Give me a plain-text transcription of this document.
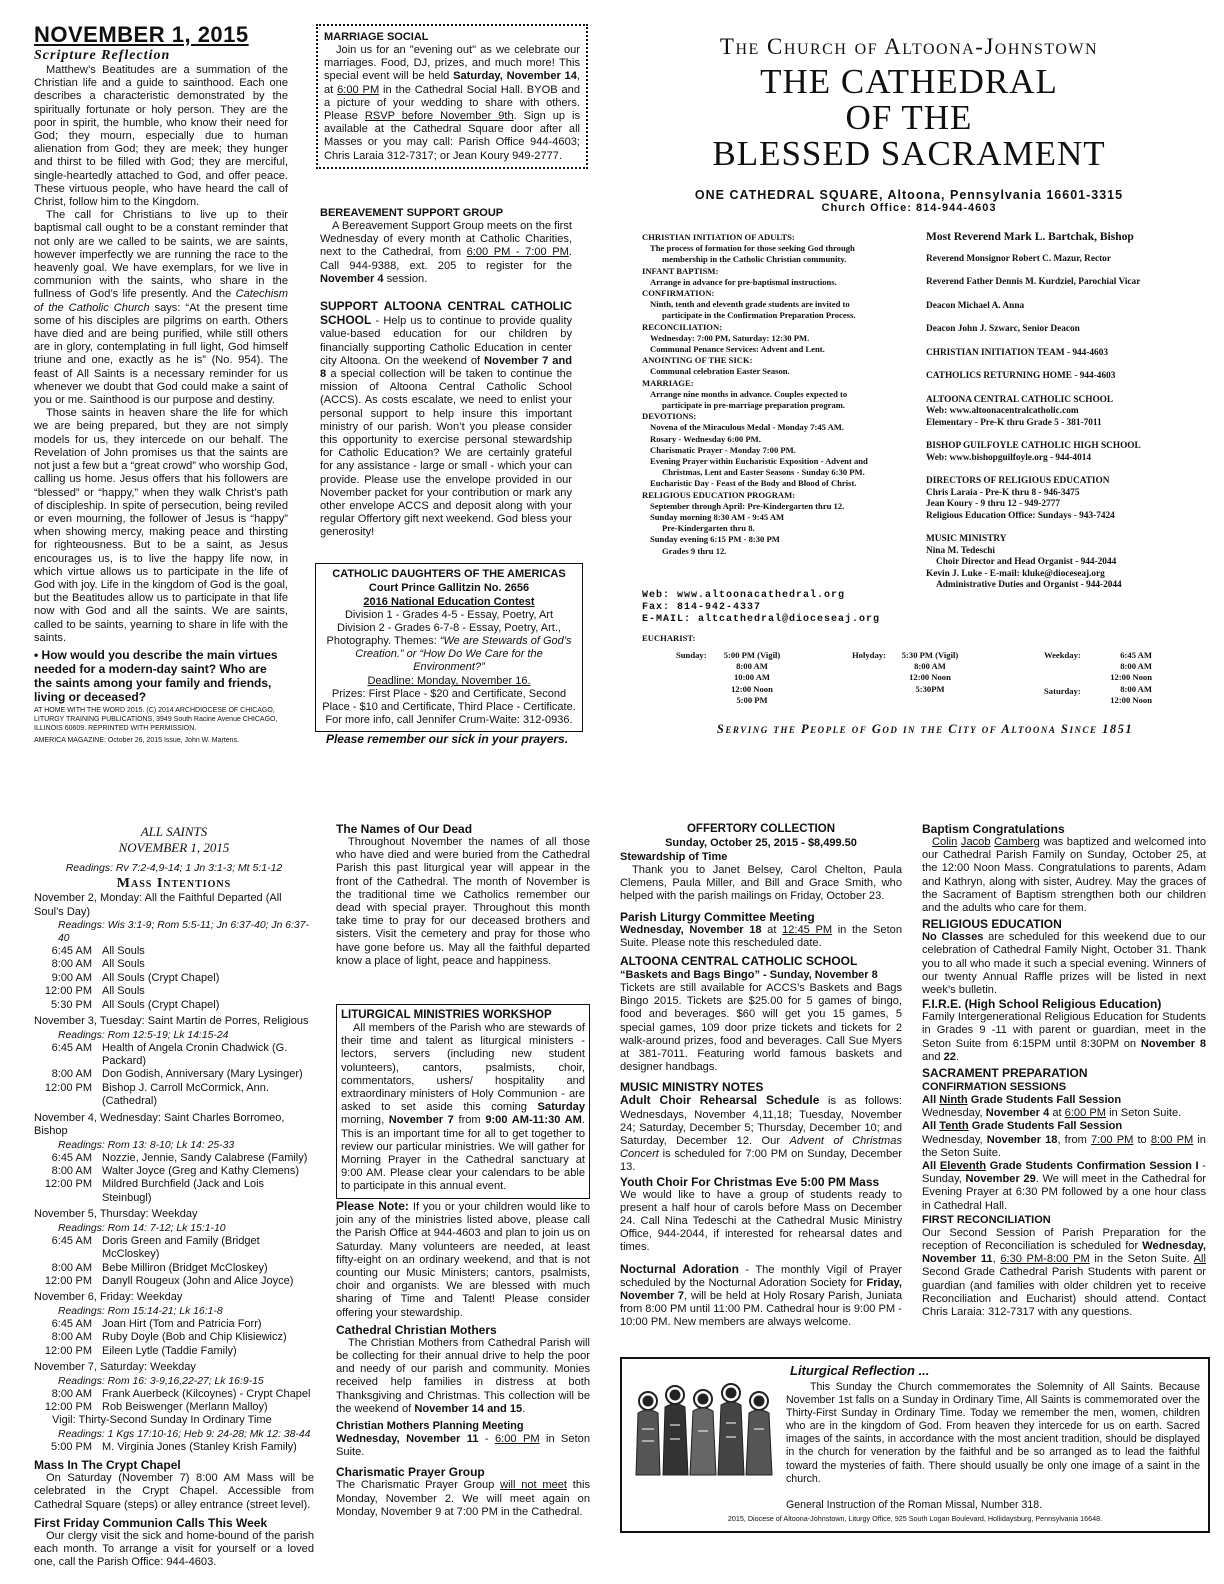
NOVEMBER 1, 2015
Scripture Reflection

Matthew’s Beatitudes are a summation of the Christian life and a guide to sainthood. Each one describes a characteristic demonstrated by the spiritually fortunate or holy person. They are the poor in spirit, the humble, who know their need for God; they mourn, especially due to human alienation from God; they are meek; they hunger and thirst to be filled with God; they are merciful, single-heartedly attached to God, and offer peace. These virtuous people, who have heard the call of Christ, follow him to the Kingdom.

The call for Christians to live up to their baptismal call ought to be a constant reminder that not only are we called to be saints, we are saints, however imperfectly we are running the race to the heavenly goal. We have exemplars, for we live in communion with the saints, who share in the fullness of God’s life presently. And the Catechism of the Catholic Church says: “At the present time some of his disciples are pilgrims on earth. Others have died and are being purified, while still others are in glory, contemplating in full light, God himself triune and one, exactly as he is” (No. 954). The feast of All Saints is a necessary reminder for us whenever we doubt that God could make a saint of you or me. Sainthood is our purpose and destiny.

Those saints in heaven share the life for which we are being prepared, but they are not simply models for us, they intercede on our behalf. The Revelation of John promises us that the saints are not just a few but a “great crowd” who worship God, calling us home. Jesus offers that his followers are “blessed” or “happy,” when they walk Christ’s path of discipleship. In spite of persecution, being reviled or even mourning, the follower of Jesus is “happy” when showing mercy, making peace and thirsting for righteousness. But to be a saint, as Jesus encourages us, is to live the happy life now, in which virtue allows us to participate in the life of God with joy. Life in the kingdom of God is the goal, but the Beatitudes allow us to participate in that life now with God and all the saints. We are saints, called to be saints, yearning to share in life with the saints.

• How would you describe the main virtues needed for a modern-day saint? Who are the saints among your family and friends, living or deceased?

AT HOME WITH THE WORD 2015. (C) 2014 ARCHDIOCESE OF CHICAGO, LITURGY TRAINING PUBLICATIONS, 3949 South Racine Avenue CHICAGO, ILLINOIS 60609. REPRINTED WITH PERMISSION.

AMERICA MAGAZINE: October 26, 2015 Issue, John W. Martens.

MARRIAGE SOCIAL

Join us for an "evening out" as we celebrate our marriages. Food, DJ, prizes, and much more! This special event will be held Saturday, November 14, at 6:00 PM in the Cathedral Social Hall. BYOB and a picture of your wedding to share with others. Please RSVP before November 9th. Sign up is available at the Cathedral Square door after all Masses or you may call: Parish Office 944-4603; Chris Laraia 312-7317; or Jean Koury 949-2777.

BEREAVEMENT SUPPORT GROUP

A Bereavement Support Group meets on the first Wednesday of every month at Catholic Charities, next to the Cathedral, from 6:00 PM - 7:00 PM. Call 944-9388, ext. 205 to register for the November 4 session.

SUPPORT ALTOONA CENTRAL CATHOLIC SCHOOL - Help us to continue to provide quality value-based education for our children by financially supporting Catholic Education in center city Altoona. On the weekend of November 7 and 8 a special collection will be taken to continue the mission of Altoona Central Catholic School (ACCS). As costs escalate, we need to enlist your personal support to help insure this important ministry of our parish. Won’t you please consider this opportunity to exercise personal stewardship for Catholic Education? We are certainly grateful for any assistance - large or small - which your can provide. Please use the envelope provided in our November packet for your contribution or mark any other envelope ACCS and deposit along with your regular Offertory gift next weekend. God bless your generosity!

CATHOLIC DAUGHTERS OF THE AMERICAS
Court Prince Gallitzin No. 2656
2016 National Education Contest
Division 1 - Grades 4-5 - Essay, Poetry, Art
Division 2 - Grades 6-7-8 - Essay, Poetry, Art., Photography. Themes: “We are Stewards of God’s Creation.” or “How Do We Care for the Environment?”
Deadline: Monday, November 16.
Prizes: First Place - $20 and Certificate, Second Place - $10 and Certificate, Third Place - Certificate. For more info, call Jennifer Crum-Waite: 312-0936.
Please remember our sick in your prayers.
The Church of Altoona-Johnstown
THE CATHEDRAL
OF THE
BLESSED SACRAMENT
ONE CATHEDRAL SQUARE, Altoona, Pennsylvania 16601-3315
Church Office: 814-944-4603
CHRISTIAN INITIATION OF ADULTS:
The process of formation for those seeking God through
membership in the Catholic Christian community.
INFANT BAPTISM:
Arrange in advance for pre-baptismal instructions.
CONFIRMATION:
Ninth, tenth and eleventh grade students are invited to
participate in the Confirmation Preparation Process.
RECONCILIATION:
Wednesday: 7:00 PM, Saturday: 12:30 PM.
Communal Penance Services: Advent and Lent.
ANOINTING OF THE SICK:
Communal celebration Easter Season.
MARRIAGE:
Arrange nine months in advance. Couples expected to
participate in pre-marriage preparation program.
DEVOTIONS:
Novena of the Miraculous Medal - Monday 7:45 AM.
Rosary - Wednesday 6:00 PM.
Charismatic Prayer - Monday 7:00 PM.
Evening Prayer within Eucharistic Exposition - Advent and
Christmas, Lent and Easter Seasons - Sunday 6:30 PM.
Eucharistic Day - Feast of the Body and Blood of Christ.
RELIGIOUS EDUCATION PROGRAM:
September through April: Pre-Kindergarten thru 12.
Sunday morning 8:30 AM - 9:45 AM
Pre-Kindergarten thru 8.
Sunday evening 6:15 PM - 8:30 PM
Grades 9 thru 12.
Most Reverend Mark L. Bartchak, Bishop
Reverend Monsignor Robert C. Mazur, Rector
Reverend Father Dennis M. Kurdziel, Parochial Vicar
Deacon Michael A. Anna
Deacon John J. Szwarc, Senior Deacon
CHRISTIAN INITIATION TEAM - 944-4603
CATHOLICS RETURNING HOME - 944-4603
ALTOONA CENTRAL CATHOLIC SCHOOL
Web: www.altoonacentralcatholic.com
Elementary - Pre-K thru Grade 5 - 381-7011
BISHOP GUILFOYLE CATHOLIC HIGH SCHOOL
Web: www.bishopguilfoyle.org - 944-4014
DIRECTORS OF RELIGIOUS EDUCATION
Chris Laraia - Pre-K thru 8 - 946-3475
Jean Koury - 9 thru 12 - 949-2777
Religious Education Office: Sundays - 943-7424
MUSIC MINISTRY
Nina M. Tedeschi
Choir Director and Head Organist - 944-2044
Kevin J. Luke - E-mail: kluke@dioceseaj.org
Administrative Duties and Organist - 944-2044
Web: www.altoonacathedral.org
Fax: 814-942-4337
E-MAIL: altcathedral@dioceseaj.org
EUCHARIST:
Sunday:	5:00 PM (Vigil)
8:00 AM
10:00 AM
12:00 Noon
5:00 PM
Holyday:	5:30 PM (Vigil)
8:00 AM
12:00 Noon
5:30PM
Weekday:
Saturday:
6:45 AM
8:00 AM
12:00 Noon
8:00 AM
12:00 Noon
Serving the People of God in the City of Altoona Since 1851
ALL SAINTS
NOVEMBER 1, 2015
Readings: Rv 7:2-4,9-14; 1 Jn 3:1-3; Mt 5:1-12
Mass Intentions
November 2, Monday: All the Faithful Departed (All Soul’s Day)
Readings: Wis 3:1-9; Rom 5:5-11; Jn 6:37-40; Jn 6:37-40
6:45 AM All Souls
8:00 AM All Souls
9:00 AM All Souls (Crypt Chapel)
12:00 PM All Souls
5:30 PM All Souls (Crypt Chapel)
November 3, Tuesday: Saint Martin de Porres, Religious
Readings: Rom 12:5-19; Lk 14:15-24
6:45 AM Health of Angela Cronin Chadwick (G. Packard)
8:00 AM Don Godish, Anniversary (Mary Lysinger)
12:00 PM Bishop J. Carroll McCormick, Ann. (Cathedral)
November 4, Wednesday: Saint Charles Borromeo, Bishop
Readings: Rom 13: 8-10; Lk 14: 25-33
6:45 AM Nozzie, Jennie, Sandy Calabrese (Family)
8:00 AM Walter Joyce (Greg and Kathy Clemens)
12:00 PM Mildred Burchfield (Jack and Lois Steinbugl)
November 5, Thursday: Weekday
Readings: Rom 14: 7-12; Lk 15:1-10
6:45 AM Doris Green and Family (Bridget McCloskey)
8:00 AM Bebe Milliron (Bridget McCloskey)
12:00 PM Danyll Rougeux (John and Alice Joyce)
November 6, Friday: Weekday
Readings: Rom 15:14-21; Lk 16:1-8
6:45 AM Joan Hirt (Tom and Patricia Forr)
8:00 AM Ruby Doyle (Bob and Chip Klisiewicz)
12:00 PM Eileen Lytle (Taddie Family)
November 7, Saturday: Weekday
Readings: Rom 16: 3-9,16,22-27; Lk 16:9-15
8:00 AM Frank Auerbeck (Kilcoynes) - Crypt Chapel
12:00 PM Rob Beiswenger (Merlann Malloy)
Vigil: Thirty-Second Sunday In Ordinary Time
Readings: 1 Kgs 17:10-16; Heb 9: 24-28; Mk 12: 38-44
5:00 PM M. Virginia Jones (Stanley Krish Family)
Mass In The Crypt Chapel

On Saturday (November 7) 8:00 AM Mass will be celebrated in the Crypt Chapel. Accessible from Cathedral Square (steps) or alley entrance (street level).

First Friday Communion Calls This Week

Our clergy visit the sick and home-bound of the parish each month. To arrange a visit for yourself or a loved one, call the Parish Office: 944-4603.

The Names of Our Dead

Throughout November the names of all those who have died and were buried from the Cathedral Parish this past liturgical year will appear in the front of the Cathedral. The month of November is the traditional time we Catholics remember our dead with special prayer. Throughout this month take time to pray for our deceased brothers and sisters. Visit the cemetery and pray for those who have gone before us. May all the faithful departed know a place of light, peace and happiness.

LITURGICAL MINISTRIES WORKSHOP

All members of the Parish who are stewards of their time and talent as liturgical ministers - lectors, servers (including new student volunteers), cantors, psalmists, choir, commentators, ushers/ hospitality and extraordinary ministers of Holy Communion - are asked to set aside this coming Saturday morning, November 7 from 9:00 AM-11:30 AM. This is an important time for all to get together to review our particular ministries. We will gather for Morning Prayer in the Cathedral sanctuary at 9:00 AM. Please clear your calendars to be able to participate in this annual event.

Please Note: If you or your children would like to join any of the ministries listed above, please call the Parish Office at 944-4603 and plan to join us on Saturday. Many volunteers are needed, at least fifty-eight on an ordinary weekend, and that is not counting our Music Ministers; cantors, psalmists, choir and organists. We are blessed with much sharing of Time and Talent! Please consider offering your stewardship.

Cathedral Christian Mothers

The Christian Mothers from Cathedral Parish will be collecting for their annual drive to help the poor and needy of our parish and community. Monies received help families in distress at both Thanksgiving and Christmas. This collection will be the weekend of November 14 and 15.

Christian Mothers Planning Meeting

Wednesday, November 11 - 6:00 PM in Seton Suite.

Charismatic Prayer Group

The Charismatic Prayer Group will not meet this Monday, November 2. We will meet again on Monday, November 9 at 7:00 PM in the Cathedral.

OFFERTORY COLLECTION
Sunday, October 25, 2015 - $8,499.50
Stewardship of Time

Thank you to Janet Belsey, Carol Chelton, Paula Clemens, Paula Miller, and Bill and Grace Smith, who helped with the parish mailings on Friday, October 23.

Parish Liturgy Committee Meeting

Wednesday, November 18 at 12:45 PM in the Seton Suite. Please note this rescheduled date.

ALTOONA CENTRAL CATHOLIC SCHOOL
“Baskets and Bags Bingo” - Sunday, November 8

Tickets are still available for ACCS’s Baskets and Bags Bingo 2015. Tickets are $25.00 for 5 games of bingo, food and beverages. $60 will get you 15 games, 5 special games, 109 door prize tickets and tickets for 2 walk-around prizes, food and beverages. Call Sue Myers at 381-7011. Featuring world famous baskets and designer handbags.

MUSIC MINISTRY NOTES

Adult Choir Rehearsal Schedule is as follows: Wednesdays, November 4,11,18; Tuesday, November 24; Saturday, December 5; Thursday, December 10; and Saturday, December 12. Our Advent of Christmas Concert is scheduled for 7:00 PM on Sunday, December 13.

Youth Choir For Christmas Eve 5:00 PM Mass

We would like to have a group of students ready to present a half hour of carols before Mass on December 24. Call Nina Tedeschi at the Cathedral Music Ministry Office, 944-2044, if interested for rehearsal dates and times.

Nocturnal Adoration - The monthly Vigil of Prayer scheduled by the Nocturnal Adoration Society for Friday, November 7, will be held at Holy Rosary Parish, Juniata from 8:00 PM until 11:00 PM. Cathedral hour is 9:00 PM - 10:00 PM. New members are always welcome.

Baptism Congratulations

Colin Jacob Camberg was baptized and welcomed into our Cathedral Parish Family on Sunday, October 25, at the 12:00 Noon Mass. Congratulations to parents, Adam and Kathryn, along with sister, Audrey. May the graces of the Sacrament of Baptism strengthen both our children and the adults who care for them.

RELIGIOUS EDUCATION

No Classes are scheduled for this weekend due to our celebration of Cathedral Family Night, October 31. Thank you to all who made it such a special evening. Winners of our twenty Annual Raffle prizes will be listed in next week’s bulletin.

F.I.R.E. (High School Religious Education)

Family Intergenerational Religious Education for Students in Grades 9 -11 with parent or guardian, meet in the Seton Suite from 6:15PM until 8:30PM on November 8 and 22.

SACRAMENT PREPARATION
CONFIRMATION SESSIONS

All Ninth Grade Students Fall Session
Wednesday, November 4 at 6:00 PM in Seton Suite.

All Tenth Grade Students Fall Session
Wednesday, November 18, from 7:00 PM to 8:00 PM in the Seton Suite.

All Eleventh Grade Students Confirmation Session I - Sunday, November 29. We will meet in the Cathedral for Evening Prayer at 6:30 PM followed by a one hour class in Cathedral Hall.

FIRST RECONCILIATION

Our Second Session of Parish Preparation for the reception of Reconciliation is scheduled for Wednesday, November 11, 6:30 PM-8:00 PM in the Seton Suite. All Second Grade Cathedral Parish Students with parent or guardian (and families with older children yet to receive Reconciliation and Eucharist) should attend. Contact Chris Laraia: 312-7317 with any questions.

Liturgical Reflection ...

This Sunday the Church commemorates the Solemnity of All Saints. Because November 1st falls on a Sunday in Ordinary Time, All Saints is commemorated over the Thirty-First Sunday in Ordinary Time. Today we remember the men, women, children who are in the kingdom of God. From heaven they intercede for us on earth. Sacred images of the saints, in accordance with the most ancient tradition, should be displayed in the church for veneration by the faithful and be so arranged as to lead the faithful toward the mysteries of faith. There should usually be only one image of a saint in the church.

General Instruction of the Roman Missal, Number 318.
2015, Diocese of Altoona-Johnstown, Liturgy Office, 925 South Logan Boulevard, Hollidaysburg, Pennsylvania 16648.
